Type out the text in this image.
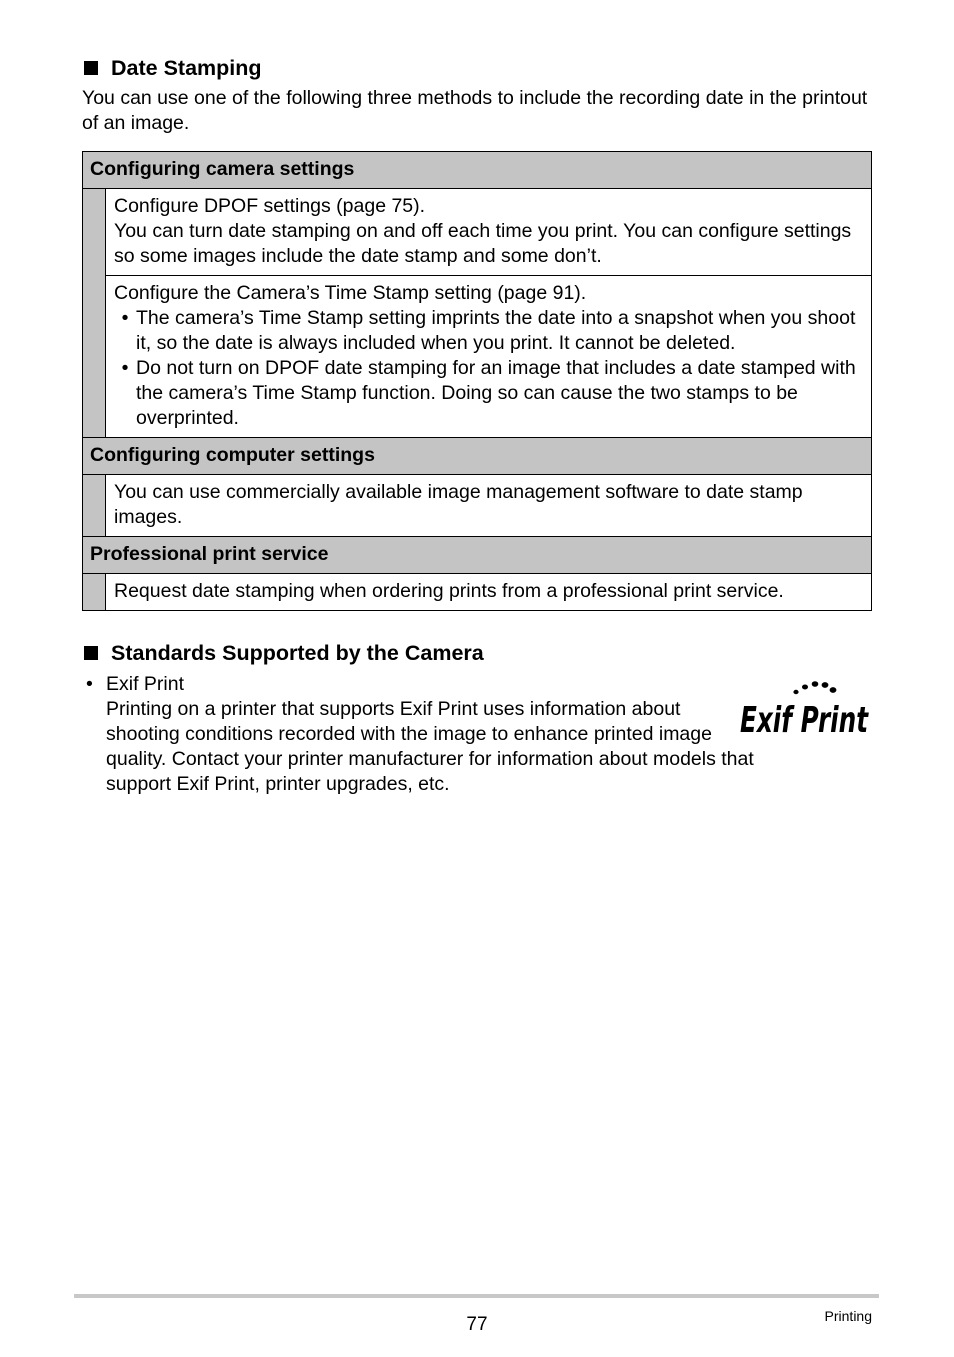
Date Stamping
You can use one of the following three methods to include the recording date in the printout of an image.
Configuring camera settings	

	Configure DPOF settings (page 75).
You can turn date stamping on and off each time you print. You can configure settings so some images include the date stamp and some don’t.

	Configure the Camera’s Time Stamp setting (page 91).
• The camera’s Time Stamp setting imprints the date into a snapshot when you shoot it, so the date is always included when you print. It cannot be deleted.
• Do not turn on DPOF date stamping for an image that includes a date stamped with the camera’s Time Stamp function. Doing so can cause the two stamps to be overprinted.

Configuring computer settings	
	You can use commercially available image management software to date stamp images.
Professional print service	
	Request date stamping when ordering prints from a professional print service.
Standards Supported by the Camera
• Exif Print
Printing on a printer that supports Exif Print uses information about shooting conditions recorded with the image to enhance printed image quality. Contact your printer manufacturer for information about models that support Exif Print, printer upgrades, etc.
Exif Print
77	Printing
